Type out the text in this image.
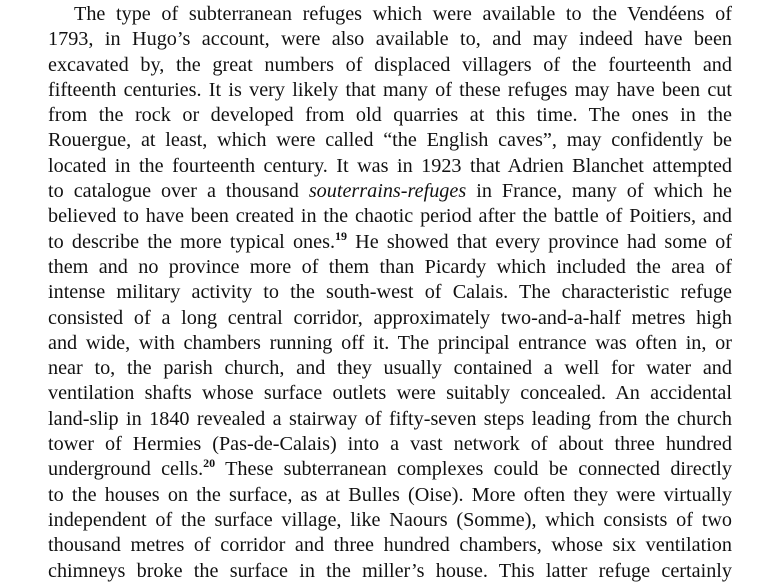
The type of subterranean refuges which were available to the Vendéens of
1793, in Hugo’s account, were also available to, and may indeed have been
excavated by, the great numbers of displaced villagers of the fourteenth and
fifteenth centuries. It is very likely that many of these refuges may have been cut
from the rock or developed from old quarries at this time. The ones in the
Rouergue, at least, which were called “the English caves”, may confidently be
located in the fourteenth century. It was in 1923 that Adrien Blanchet attempted
to catalogue over a thousand souterrains-refuges in France, many of which he
believed to have been created in the chaotic period after the battle of Poitiers, and
to describe the more typical ones.$^{19}$ He showed that every province had some of
them and no province more of them than Picardy which included the area of
intense military activity to the south-west of Calais. The characteristic refuge
consisted of a long central corridor, approximately two-and-a-half metres high
and wide, with chambers running off it. The principal entrance was often in, or
near to, the parish church, and they usually contained a well for water and
ventilation shafts whose surface outlets were suitably concealed. An accidental
land-slip in 1840 revealed a stairway of fifty-seven steps leading from the church
tower of Hermies (Pas-de-Calais) into a vast network of about three hundred
underground cells.$^{20}$ These subterranean complexes could be connected directly
to the houses on the surface, as at Bulles (Oise). More often they were virtually
independent of the surface village, like Naours (Somme), which consists of two
thousand metres of corridor and three hundred chambers, whose six ventilation
chimneys broke the surface in the miller’s house. This latter refuge certainly
